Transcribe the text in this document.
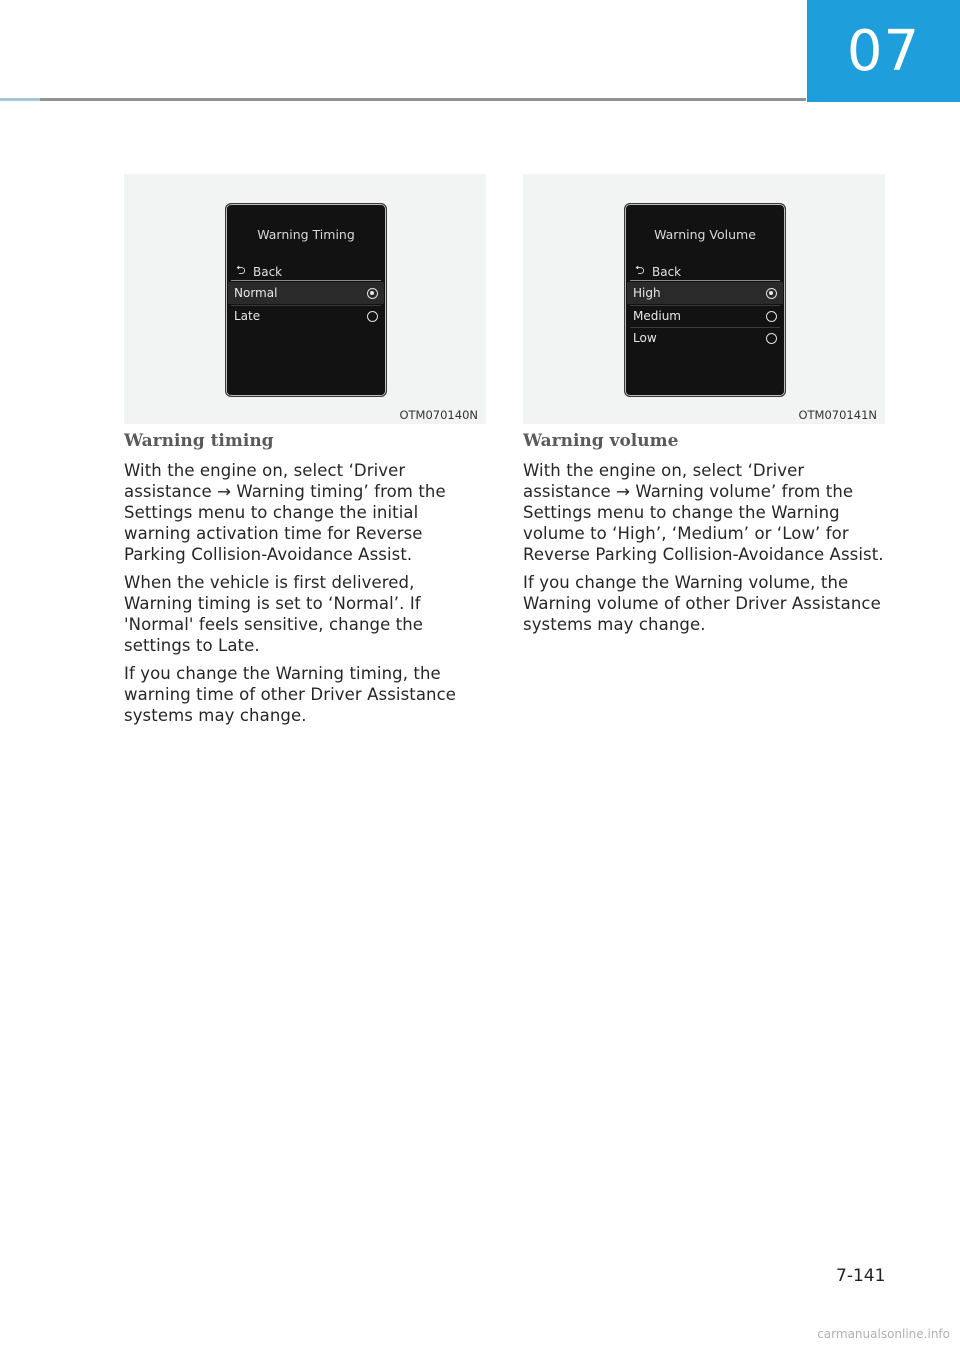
07
Warning Timing
⮌ Back
Normal
Late
OTM070140N
Warning Volume
⮌ Back
High
Medium
Low
OTM070141N
Warning timing

With the engine on, select ‘Driver assistance → Warning timing’ from the Settings menu to change the initial warning activation time for Reverse Parking Collision-Avoidance Assist.

When the vehicle is first delivered, Warning timing is set to ‘Normal’. If 'Normal' feels sensitive, change the settings to Late.

If you change the Warning timing, the warning time of other Driver Assistance systems may change.

Warning volume

With the engine on, select ‘Driver assistance → Warning volume’ from the Settings menu to change the Warning volume to ‘High’, ‘Medium’ or ‘Low’ for Reverse Parking Collision-Avoidance Assist.

If you change the Warning volume, the Warning volume of other Driver Assistance systems may change.

7-141
carmanualsonline.info
